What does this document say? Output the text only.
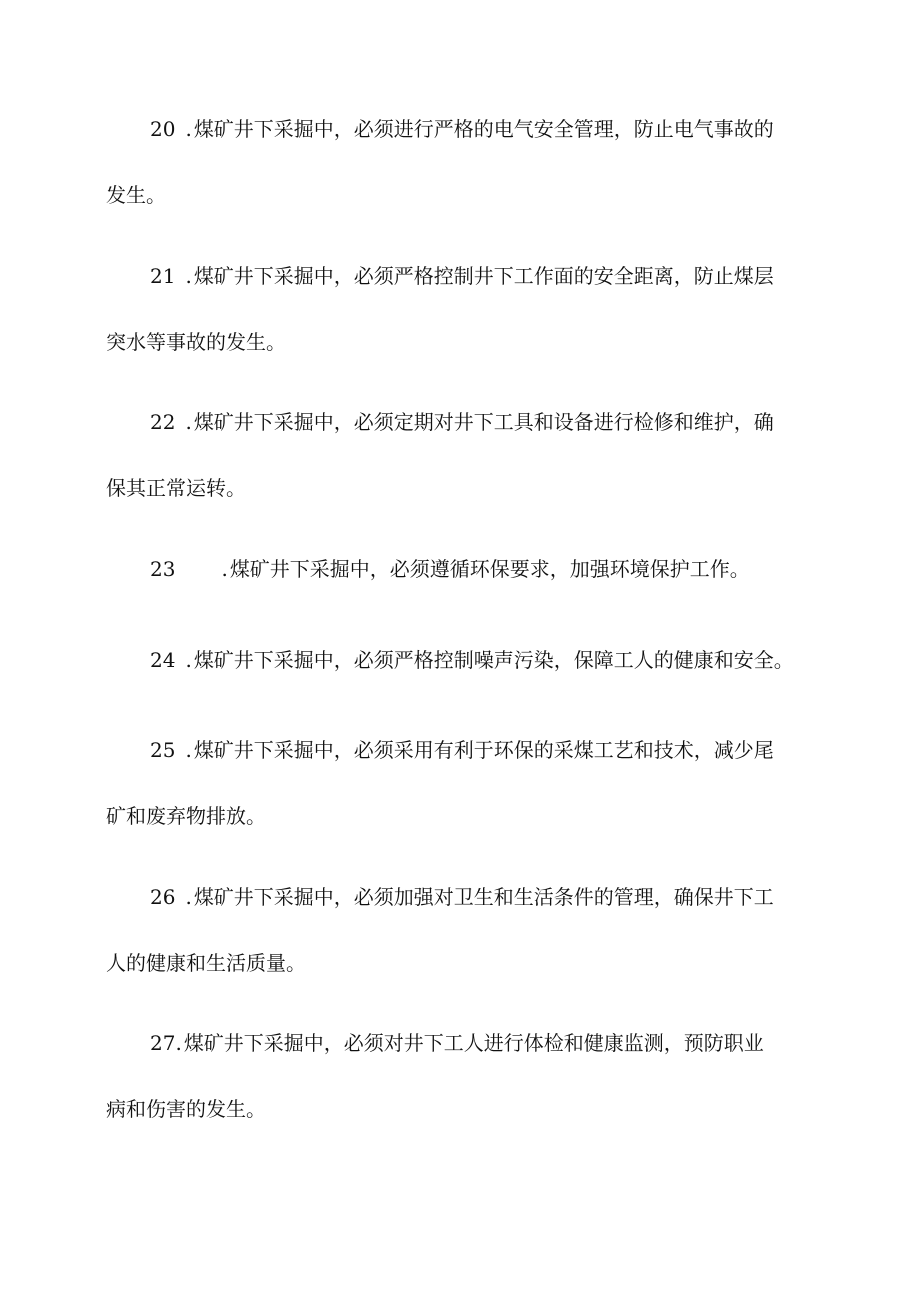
20 . 煤矿井下采掘中，必须进行严格的电气安全管理，防止电气事故的
发生。
21 . 煤矿井下采掘中，必须严格控制井下工作面的安全距离，防止煤层
突水等事故的发生。
22 . 煤矿井下采掘中，必须定期对井下工具和设备进行检修和维护，确
保其正常运转。
23 . 煤矿井下采掘中，必须遵循环保要求，加强环境保护工作。
24 . 煤矿井下采掘中，必须严格控制噪声污染，保障工人的健康和安全。
25 . 煤矿井下采掘中，必须采用有利于环保的采煤工艺和技术，减少尾
矿和废弃物排放。
26 . 煤矿井下采掘中，必须加强对卫生和生活条件的管理，确保井下工
人的健康和生活质量。
27. 煤矿井下采掘中，必须对井下工人进行体检和健康监测，预防职业
病和伤害的发生。
